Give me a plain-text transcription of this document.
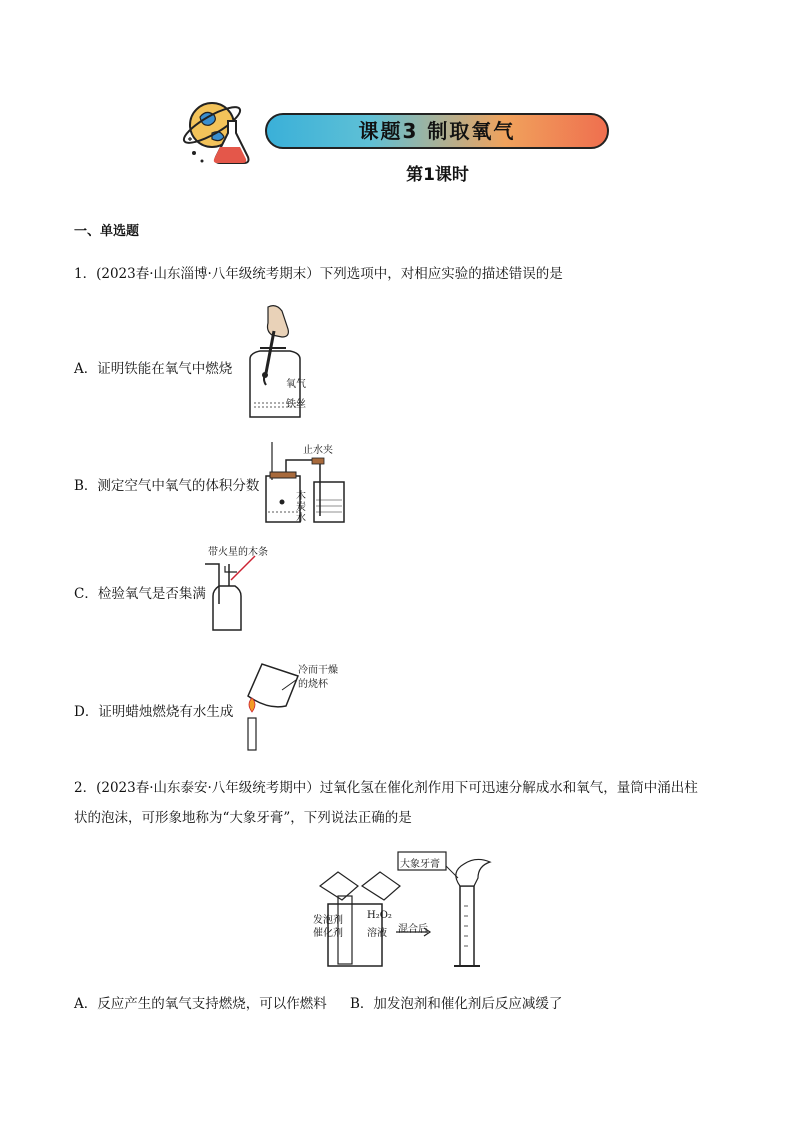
课题3 制取氧气
第1课时
一、单选题
1．(2023春·山东淄博·八年级统考期末）下列选项中，对相应实验的描述错误的是
A．证明铁能在氧气中燃烧
氧气
铁丝
B．测定空气中氧气的体积分数
止水夹
木
炭
水
C．检验氧气是否集满
带火星的木条
D．证明蜡烛燃烧有水生成
冷而干燥
的烧杯
2．(2023春·山东泰安·八年级统考期中）过氧化氢在催化剂作用下可迅速分解成水和氧气，量筒中涌出柱
状的泡沫，可形象地称为“大象牙膏”，下列说法正确的是
大象牙膏
发泡剂
催化剂
H₂O₂
溶液 混合后
A．反应产生的氧气支持燃烧，可以作燃料 B．加发泡剂和催化剂后反应减缓了
